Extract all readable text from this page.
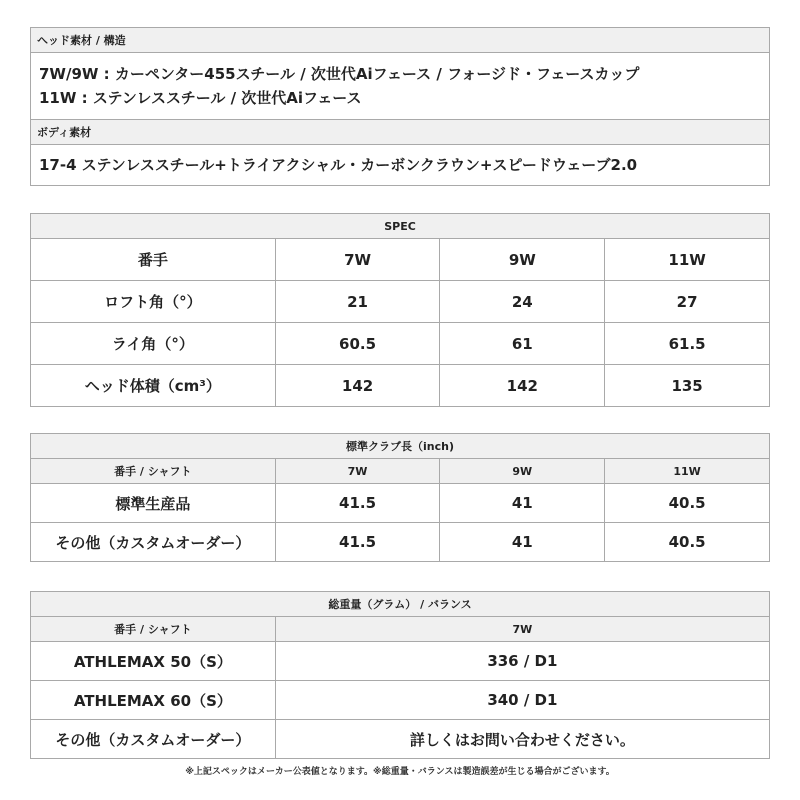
ヘッド素材 / 構造

7W/9W : カーペンター455スチール / 次世代Aiフェース / フォージド・フェースカップ
11W : ステンレススチール / 次世代Aiフェース

ボディ素材
17-4 ステンレススチール+トライアクシャル・カーボンクラウン+スピードウェーブ2.0
SPEC			
番手	7W	9W	11W
ロフト角（°）	21	24	27
ライ角（°）	60.5	61	61.5
ヘッド体積（cm³）	142	142	135
標準クラブ長（inch)			
番手 / シャフト	7W	9W	11W
標準生産品	41.5	41	40.5
その他（カスタムオーダー）	41.5	41	40.5
総重量（グラム） / バランス	
番手 / シャフト	7W
ATHLEMAX 50（S）	336 / D1
ATHLEMAX 60（S）	340 / D1
その他（カスタムオーダー）	詳しくはお問い合わせください。
※上記スペックはメーカー公表値となります。※総重量・バランスは製造誤差が生じる場合がございます。
